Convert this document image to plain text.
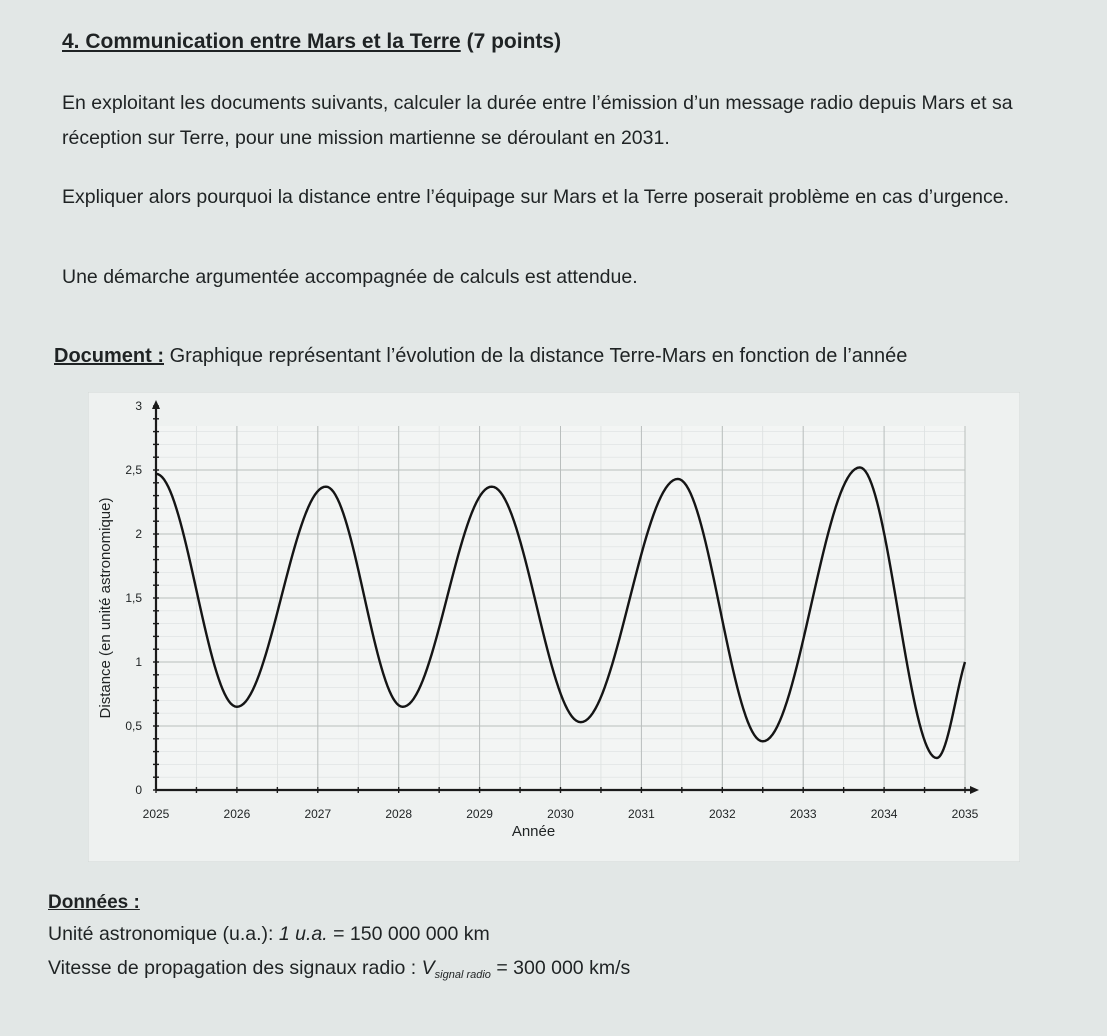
4. Communication entre Mars et la Terre (7 points)
En exploitant les documents suivants, calculer la durée entre l’émission d’un message radio depuis Mars et sa réception sur Terre, pour une mission martienne se déroulant en 2031.
Expliquer alors pourquoi la distance entre l’équipage sur Mars et la Terre poserait problème en cas d’urgence.
Une démarche argumentée accompagnée de calculs est attendue.
Document : Graphique représentant l’évolution de la distance Terre-Mars en fonction de l’année
2025	2026	2027	2028	2029	2030	2031	2032	2033	2034	2035
0
0,5
1
1,5
2
2,5
3
Année
Distance (en unité astronomique)
Données :
Unité astronomique (u.a.): 1 u.a. = 150 000 000 km
Vitesse de propagation des signaux radio : $V_{signal radio} = 300$ 000 km/s
